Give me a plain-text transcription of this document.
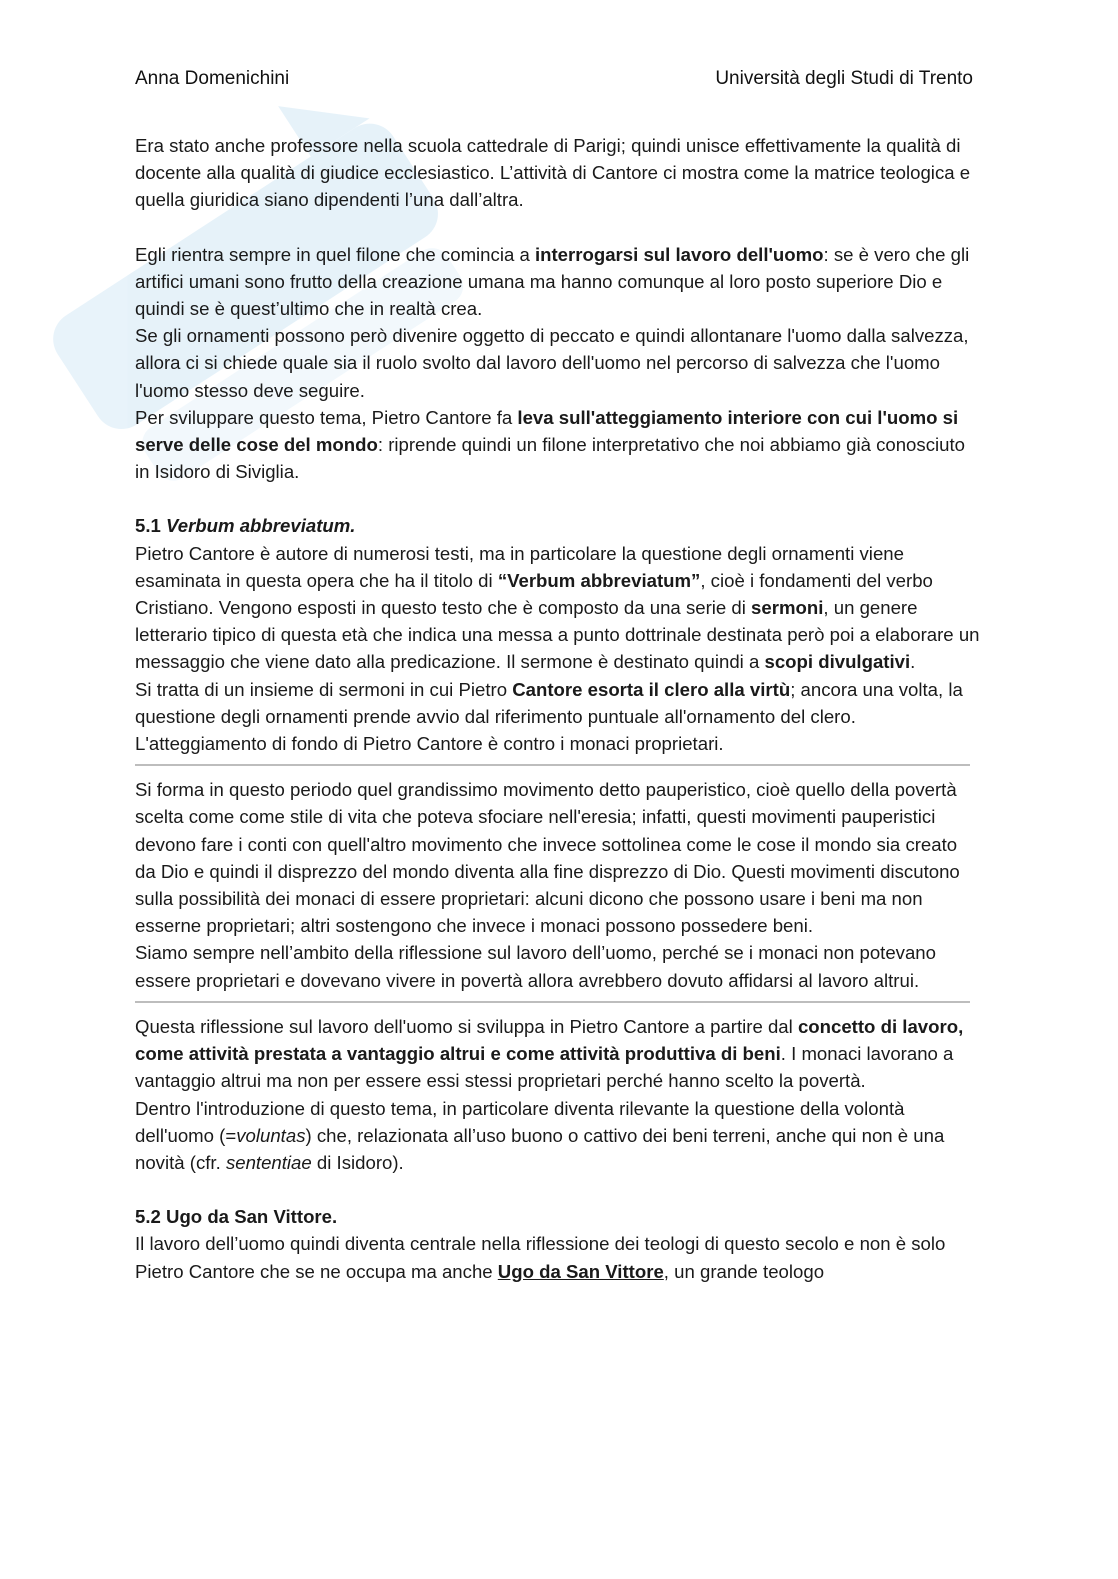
Anna Domenichini	Università degli Studi di Trento

Era stato anche professore nella scuola cattedrale di Parigi; quindi unisce effettivamente la qualità di docente alla qualità di giudice ecclesiastico. L’attività di Cantore ci mostra come la matrice teologica e quella giuridica siano dipendenti l’una dall’altra.

Egli rientra sempre in quel filone che comincia a interrogarsi sul lavoro dell'uomo: se è vero che gli artifici umani sono frutto della creazione umana ma hanno comunque al loro posto superiore Dio e quindi se è quest’ultimo che in realtà crea.

Se gli ornamenti possono però divenire oggetto di peccato e quindi allontanare l'uomo dalla salvezza, allora ci si chiede quale sia il ruolo svolto dal lavoro dell'uomo nel percorso di salvezza che l'uomo l'uomo stesso deve seguire.

Per sviluppare questo tema, Pietro Cantore fa leva sull'atteggiamento interiore con cui l'uomo si serve delle cose del mondo: riprende quindi un filone interpretativo che noi abbiamo già conosciuto in Isidoro di Siviglia.

5.1 Verbum abbreviatum.

Pietro Cantore è autore di numerosi testi, ma in particolare la questione degli ornamenti viene esaminata in questa opera che ha il titolo di “Verbum abbreviatum”, cioè i fondamenti del verbo Cristiano. Vengono esposti in questo testo che è composto da una serie di sermoni, un genere letterario tipico di questa età che indica una messa a punto dottrinale destinata però poi a elaborare un messaggio che viene dato alla predicazione. Il sermone è destinato quindi a scopi divulgativi.

Si tratta di un insieme di sermoni in cui Pietro Cantore esorta il clero alla virtù; ancora una volta, la questione degli ornamenti prende avvio dal riferimento puntuale all'ornamento del clero. L'atteggiamento di fondo di Pietro Cantore è contro i monaci proprietari.

Si forma in questo periodo quel grandissimo movimento detto pauperistico, cioè quello della povertà scelta come come stile di vita che poteva sfociare nell'eresia; infatti, questi movimenti pauperistici devono fare i conti con quell'altro movimento che invece sottolinea come le cose il mondo sia creato da Dio e quindi il disprezzo del mondo diventa alla fine disprezzo di Dio. Questi movimenti discutono sulla possibilità dei monaci di essere proprietari: alcuni dicono che possono usare i beni ma non esserne proprietari; altri sostengono che invece i monaci possono possedere beni.

Siamo sempre nell’ambito della riflessione sul lavoro dell’uomo, perché se i monaci non potevano essere proprietari e dovevano vivere in povertà allora avrebbero dovuto affidarsi al lavoro altrui.

Questa riflessione sul lavoro dell'uomo si sviluppa in Pietro Cantore a partire dal concetto di lavoro, come attività prestata a vantaggio altrui e come attività produttiva di beni. I monaci lavorano a vantaggio altrui ma non per essere essi stessi proprietari perché hanno scelto la povertà.

Dentro l'introduzione di questo tema, in particolare diventa rilevante la questione della volontà dell'uomo (=voluntas) che, relazionata all’uso buono o cattivo dei beni terreni, anche qui non è una novità (cfr. sententiae di Isidoro).

5.2 Ugo da San Vittore.

Il lavoro dell’uomo quindi diventa centrale nella riflessione dei teologi di questo secolo e non è solo Pietro Cantore che se ne occupa ma anche Ugo da San Vittore, un grande teologo
